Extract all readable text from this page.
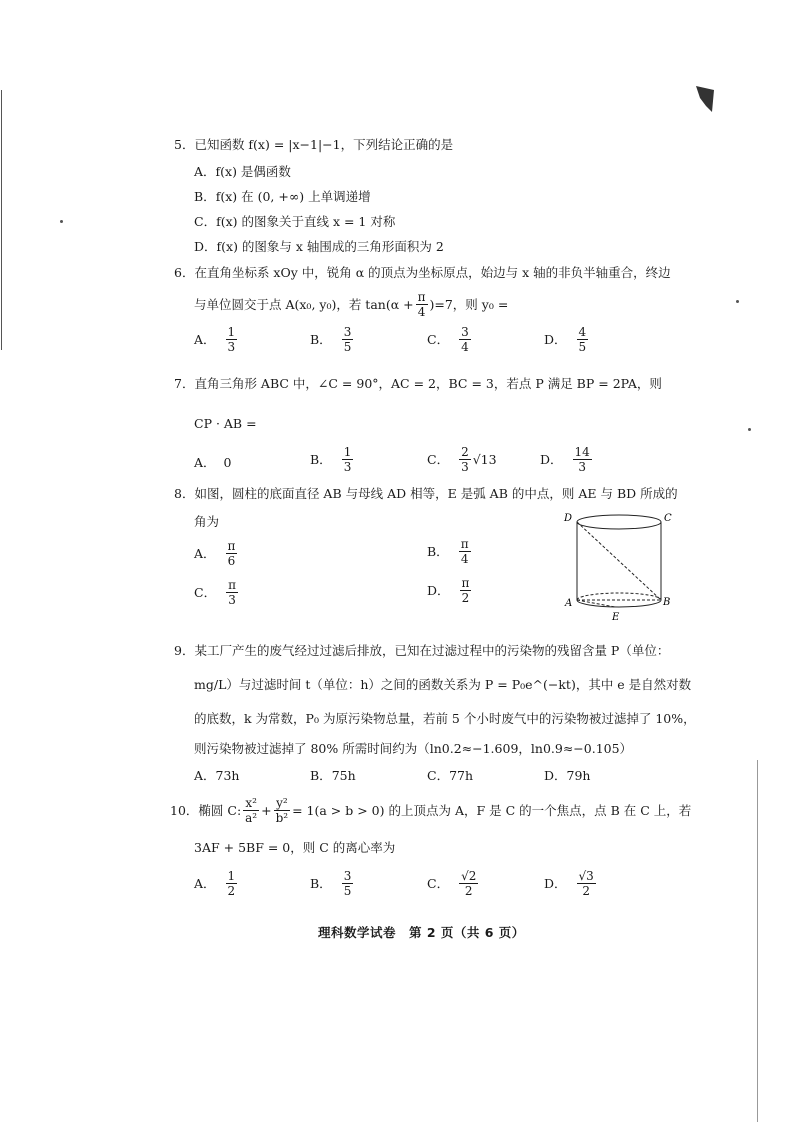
5．已知函数 f(x) = |x−1|−1，下列结论正确的是
A．f(x) 是偶函数
B．f(x) 在 (0, +∞) 上单调递增
C．f(x) 的图象关于直线 x = 1 对称
D．f(x) 的图象与 x 轴围成的三角形面积为 2
6．在直角坐标系 xOy 中，锐角 α 的顶点为坐标原点，始边与 x 轴的非负半轴重合，终边
与单位圆交于点 A(x₀, y₀)，若 $\tan(\alpha + \frac{\pi}{4} )=7$，则 y₀ =
A． $\frac{1}{3}$	B． $\frac{3}{5}$	C． $\frac{3}{4}$	D． $\frac{4}{5}$
7．直角三角形 ABC 中，∠C = 90°，AC = 2，BC = 3，若点 P 满足 BP = 2PA，则
CP · AB =
A． 0	B． $\frac{1}{3}$	C． $\frac{2}{3} √13$	D． $\frac{14}{3}$
8．如图，圆柱的底面直径 AB 与母线 AD 相等，E 是弧 AB 的中点，则 AE 与 BD 所成的
角为
A． $\frac{\pi}{6}$	B． $\frac{\pi}{4}$
C． $\frac{\pi}{3}$	D． $\frac{\pi}{2}$
D	C
A	B
E
9．某工厂产生的废气经过过滤后排放，已知在过滤过程中的污染物的残留含量 P（单位：
mg/L）与过滤时间 t（单位：h）之间的函数关系为 P = P₀e^(−kt)，其中 e 是自然对数
的底数，k 为常数，P₀ 为原污染物总量，若前 5 个小时废气中的污染物被过滤掉了 10%，
则污染物被过滤掉了 80% 所需时间约为（ln0.2≈−1.609，ln0.9≈−0.105）
A．73h	B．75h	C．77h	D．79h
10．椭圆 C: $\frac{\text{x²}}{\text{a²}} + \frac{\text{y²}}{\text{b²}} = 1(a > b > 0)$ 的上顶点为 A，F 是 C 的一个焦点，点 B 在 C 上，若
3AF + 5BF = 0，则 C 的离心率为
A． $\frac{1}{2}$	B． $\frac{3}{5}$	C． $\frac{√2}{2}$	D． $\frac{√3}{2}$
理科数学试卷　第 2 页（共 6 页）
